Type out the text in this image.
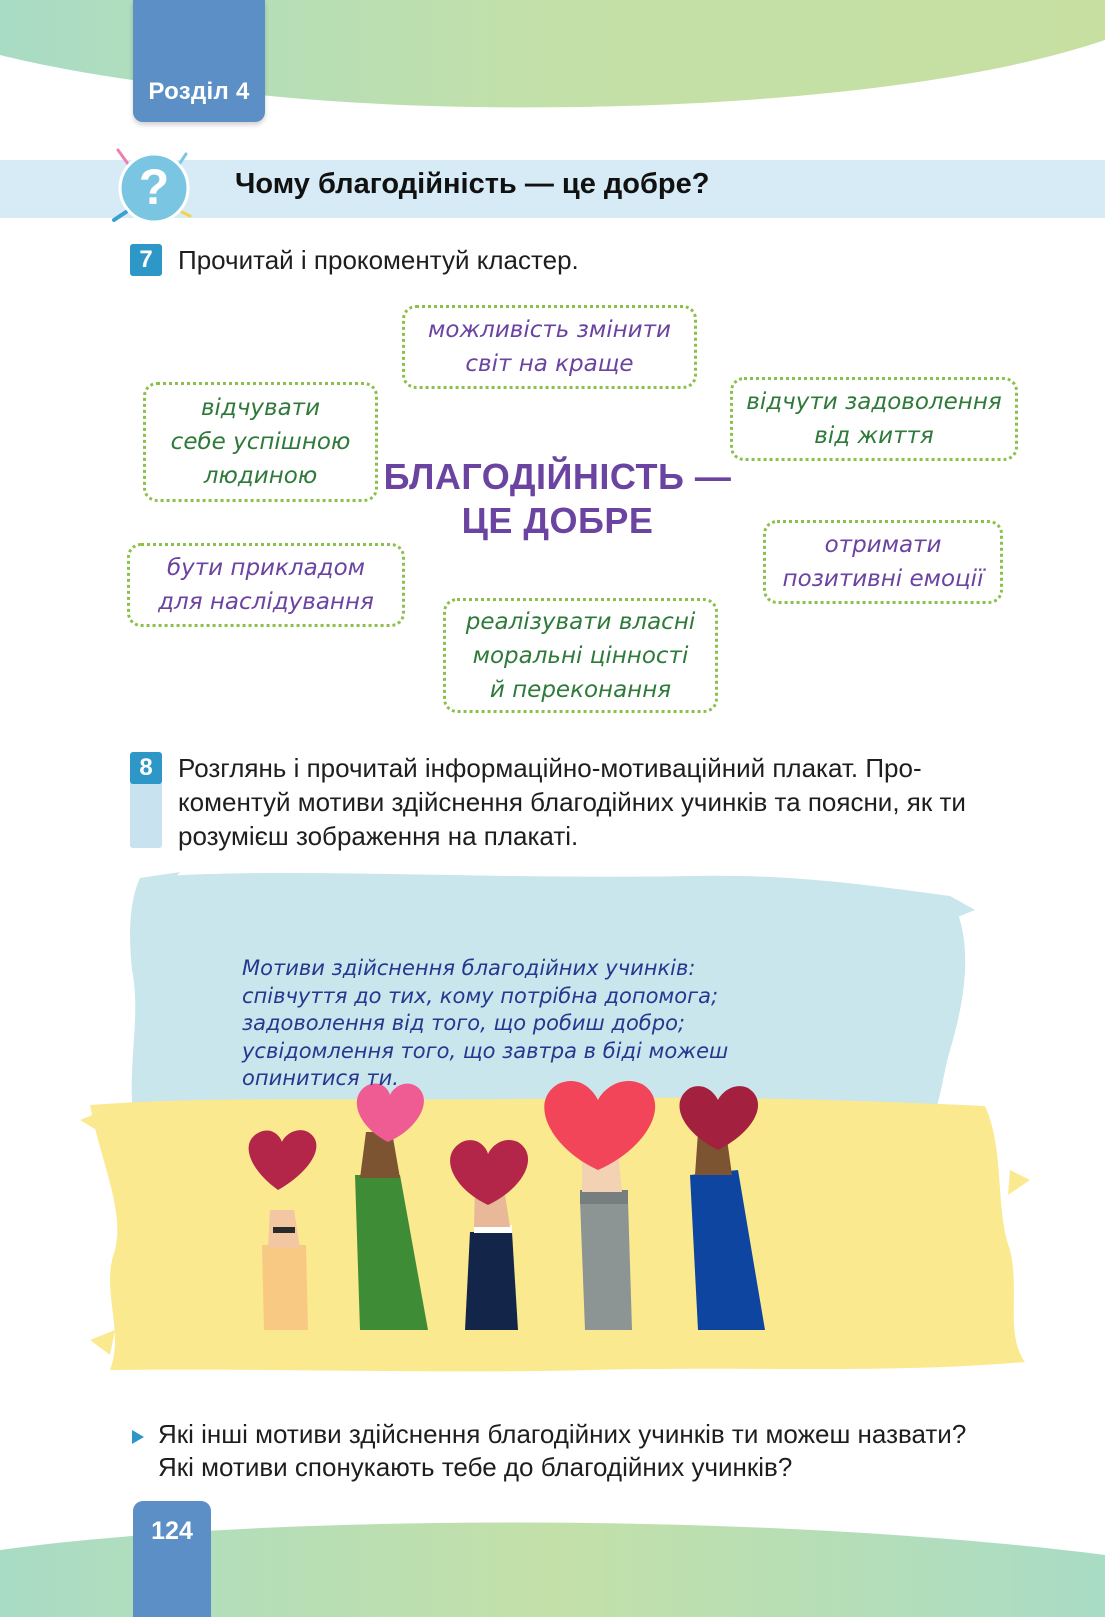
Розділ 4
? Чому благодійність — це добре?
7 Прочитай і прокоментуй кластер.
можливість змінити
світ на краще
відчувати
себе успішною
людиною
відчути задоволення
від життя
БЛАГОДІЙНІСТЬ —
ЦЕ ДОБРЕ
бути прикладом
для наслідування
отримати
позитивні емоції
реалізувати власні
моральні цінності
й переконання
8 Розглянь і прочитай інформаційно-мотиваційний плакат. Про-
коментуй мотиви здійснення благодійних учинків та поясни, як ти
розумієш зображення на плакаті.
Мотиви здійснення благодійних учинків:
співчуття до тих, кому потрібна допомога;
задоволення від того, що робиш добро;
усвідомлення того, що завтра в біді можеш
опинитися ти.
Які інші мотиви здійснення благодійних учинків ти можеш назвати?
Які мотиви спонукають тебе до благодійних учинків?
124
